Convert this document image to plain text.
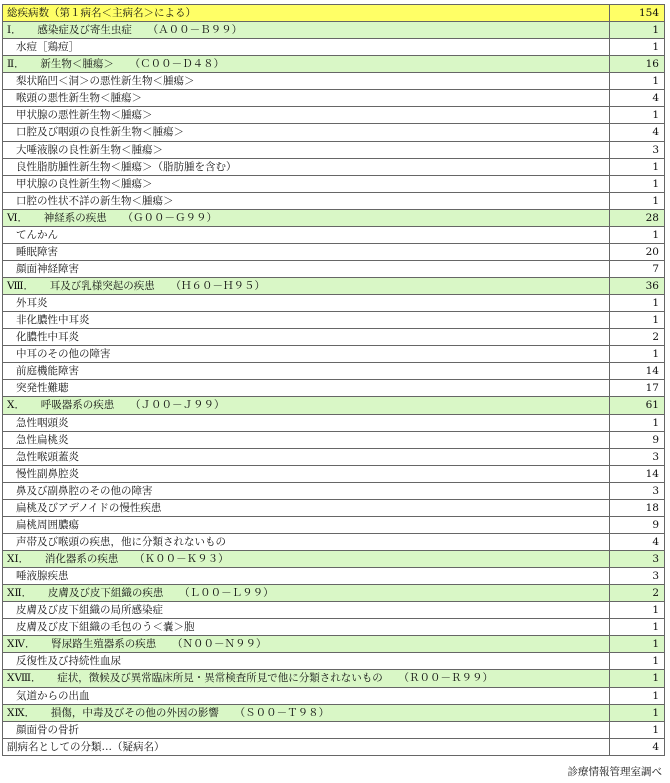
総疾病数（第１病名＜主病名＞による）	154
Ⅰ．　　感染症及び寄生虫症　　（Ａ００－Ｂ９９）	1
水痘［鶏痘］	1
Ⅱ．　　新生物＜腫瘍＞　　（Ｃ００－Ｄ４８）	16
梨状陥凹＜洞＞の悪性新生物＜腫瘍＞	1
喉頭の悪性新生物＜腫瘍＞	4
甲状腺の悪性新生物＜腫瘍＞	1
口腔及び咽頭の良性新生物＜腫瘍＞	4
大唾液腺の良性新生物＜腫瘍＞	3
良性脂肪腫性新生物＜腫瘍＞（脂肪腫を含む）	1
甲状腺の良性新生物＜腫瘍＞	1
口腔の性状不詳の新生物＜腫瘍＞	1
Ⅵ．　　神経系の疾患　　（Ｇ００－Ｇ９９）	28
てんかん	1
睡眠障害	20
顔面神経障害	7
Ⅷ．　　耳及び乳様突起の疾患　　（Ｈ６０－Ｈ９５）	36
外耳炎	1
非化膿性中耳炎	1
化膿性中耳炎	2
中耳のその他の障害	1
前庭機能障害	14
突発性難聴	17
Ⅹ．　　呼吸器系の疾患　　（Ｊ００－Ｊ９９）	61
急性咽頭炎	1
急性扁桃炎	9
急性喉頭蓋炎	3
慢性副鼻腔炎	14
鼻及び副鼻腔のその他の障害	3
扁桃及びアデノイドの慢性疾患	18
扁桃周囲膿瘍	9
声帯及び喉頭の疾患，他に分類されないもの	4
ⅩⅠ．　　消化器系の疾患　　（Ｋ００－Ｋ９３）	3
唾液腺疾患	3
ⅩⅡ．　　皮膚及び皮下組織の疾患　　（Ｌ００－Ｌ９９）	2
皮膚及び皮下組織の局所感染症	1
皮膚及び皮下組織の毛包のう＜嚢＞胞	1
ⅩⅣ．　　腎尿路生殖器系の疾患　　（Ｎ００－Ｎ９９）	1
反復性及び持続性血尿	1
ⅩⅧ．　　症状，徴候及び異常臨床所見・異常検査所見で他に分類されないもの　　（Ｒ００－Ｒ９９）	1
気道からの出血	1
ⅩⅨ．　　損傷，中毒及びその他の外因の影響　　（Ｓ００－Ｔ９８）	1
顔面骨の骨折	1
副病名としての分類…（疑病名）	4
診療情報管理室調べ
